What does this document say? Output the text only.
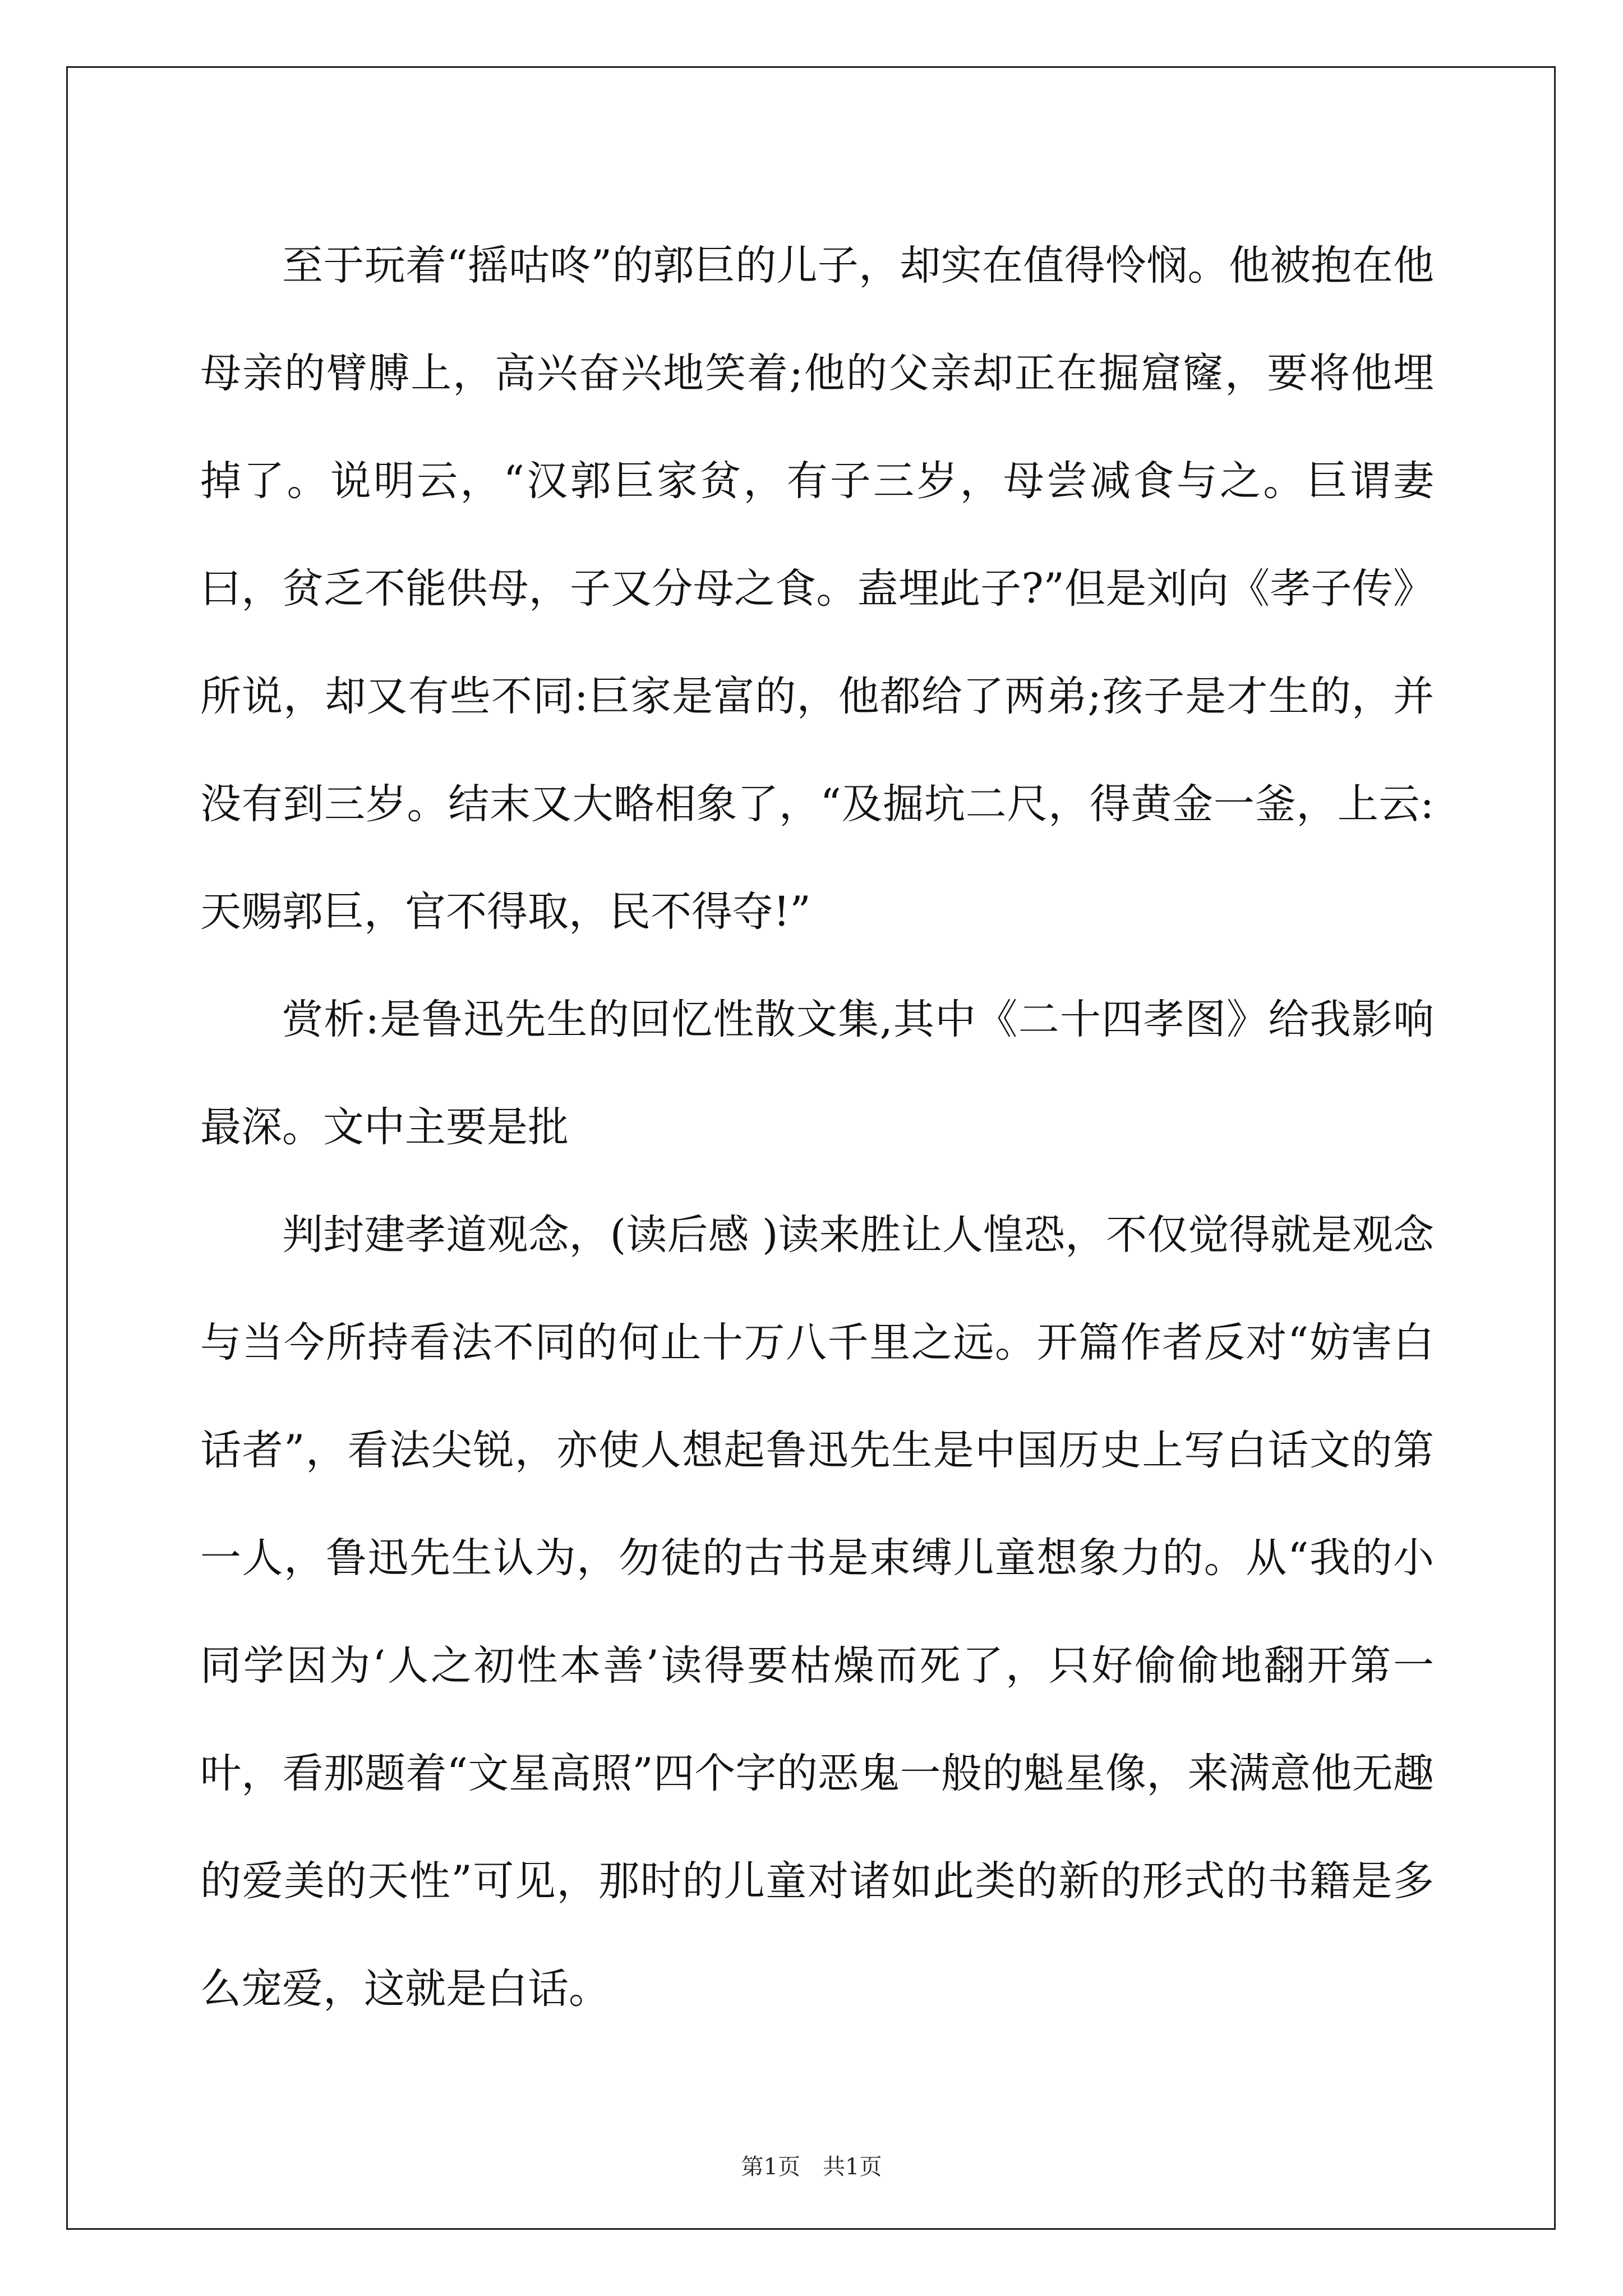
至于玩着“摇咕咚”的郭巨的儿子，却实在值得怜悯。他被抱在他母亲的臂膊上，高兴奋兴地笑着;他的父亲却正在掘窟窿，要将他埋掉了。说明云，“汉郭巨家贫，有子三岁，母尝减食与之。巨谓妻曰，贫乏不能供母，子又分母之食。盍埋此子?”但是刘向《孝子传》所说，却又有些不同:巨家是富的，他都给了两弟;孩子是才生的，并没有到三岁。结末又大略相象了，“及掘坑二尺，得黄金一釜，上云:天赐郭巨，官不得取，民不得夺!”

赏析:是鲁迅先生的回忆性散文集,其中《二十四孝图》给我影响最深。文中主要是批

判封建孝道观念，(读后感 )读来胜让人惶恐，不仅觉得就是观念与当今所持看法不同的何止十万八千里之远。开篇作者反对“妨害白话者”，看法尖锐，亦使人想起鲁迅先生是中国历史上写白话文的第一人，鲁迅先生认为，勿徒的古书是束缚儿童想象力的。从“我的小同学因为‘人之初性本善’读得要枯燥而死了，只好偷偷地翻开第一叶，看那题着“文星高照”四个字的恶鬼一般的魁星像，来满意他无趣的爱美的天性”可见，那时的儿童对诸如此类的新的形式的书籍是多么宠爱，这就是白话。

第1页　共1页
